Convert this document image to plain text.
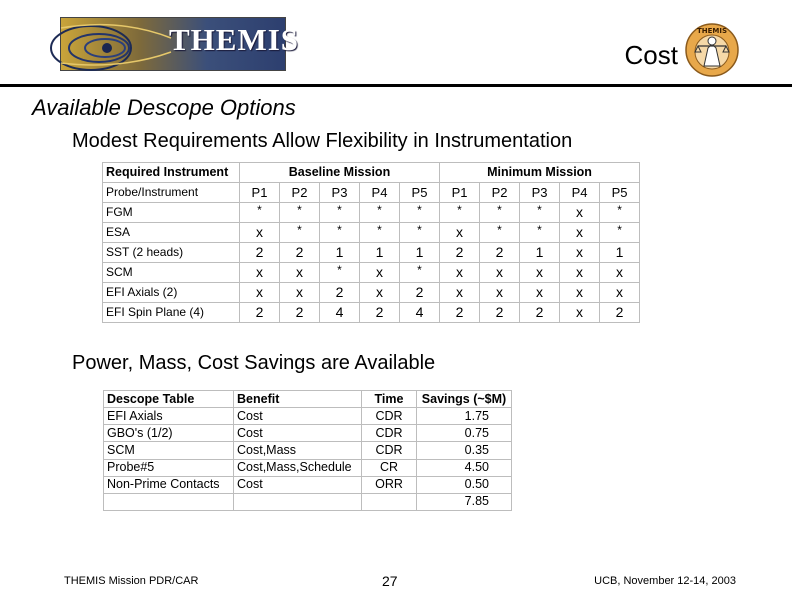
THEMIS	Cost
THEMIS
Available Descope Options
Modest Requirements Allow Flexibility in Instrumentation
Power, Mass, Cost Savings are Available
Required Instrument	Baseline Mission					Minimum Mission				
Probe/Instrument	P1	P2	P3	P4	P5	P1	P2	P3	P4	P5
FGM	*	*	*	*	*	*	*	*	x	*
ESA	x	*	*	*	*	x	*	*	x	*
SST (2 heads)	2	2	1	1	1	2	2	1	x	1
SCM	x	x	*	x	*	x	x	x	x	x
EFI Axials (2)	x	x	2	x	2	x	x	x	x	x
EFI Spin Plane (4)	2	2	4	2	4	2	2	2	x	2
Descope Table	Benefit	Time	Savings (~$M)
EFI Axials	Cost	CDR	1.75
GBO's (1/2)	Cost	CDR	0.75
SCM	Cost,Mass	CDR	0.35
Probe#5	Cost,Mass,Schedule	CR	4.50
Non-Prime Contacts	Cost	ORR	0.50
			7.85
THEMIS Mission PDR/CAR	27	UCB, November 12-14, 2003
